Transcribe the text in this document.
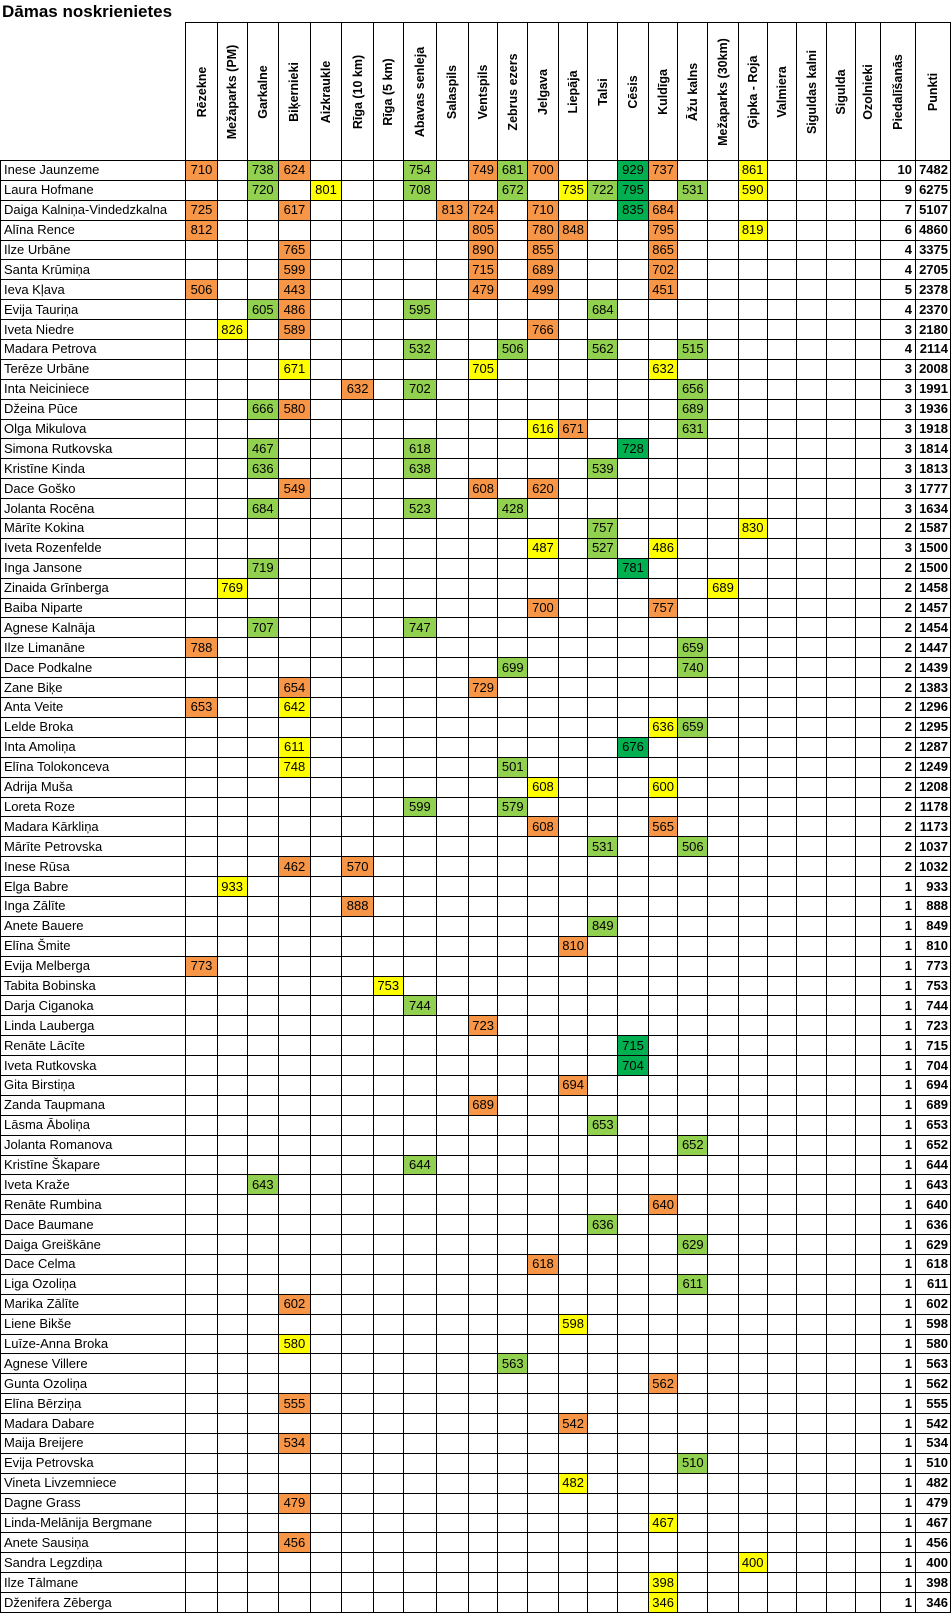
Dāmas noskrienietes

	Rēzekne	Mežaparks (PM)	Garkalne	Biķernieki	Aizkraukle	Rīga (10 km)	Rīga (5 km)	Abavas senleja	Salaspils	Ventspils	Zebrus ezers	Jelgava	Liepāja	Talsi	Cēsis	Kuldīga	Āžu kalns	Mežaparks (30km)	Ģipka - Roja	Valmiera	Siguldas kalni	Sigulda	Ozolnieki	Piedalīšanās	Punkti

Inese Jaunzeme	710		738	624				754		749	681	700			929	737			861					10	7482
Laura Hofmane			720		801			708			672		735	722	795		531		590					9	6275
Daiga Kalniņa-Vindedzkalna	725			617					813	724		710			835	684								7	5107
Alīna Rence	812									805		780	848			795			819					6	4860
Ilze Urbāne				765						890		855				865								4	3375
Santa Krūmiņa				599						715		689				702								4	2705
Ieva Kļava	506			443						479		499				451								5	2378
Evija Tauriņa			605	486				595						684										4	2370
Iveta Niedre		826		589								766												3	2180
Madara Petrova								532			506			562			515							4	2114
Terēze Urbāne				671						705						632								3	2008
Inta Neiciniece						632		702									656							3	1991
Džeina Pūce			666	580													689							3	1936
Olga Mikulova												616	671				631							3	1918
Simona Rutkovska			467					618							728									3	1814
Kristīne Kinda			636					638						539										3	1813
Dace Goško				549						608		620												3	1777
Jolanta Rocēna			684					523			428													3	1634
Mārīte Kokina														757					830					2	1587
Iveta Rozenfelde												487		527		486								3	1500
Inga Jansone			719												781									2	1500
Zinaida Grīnberga		769																689						2	1458
Baiba Niparte												700				757								2	1457
Agnese Kalnāja			707					747																2	1454
Ilze Limanāne	788																659							2	1447
Dace Podkalne											699						740							2	1439
Zane Biķe				654						729														2	1383
Anta Veite	653			642																				2	1296
Lelde Broka																636	659							2	1295
Inta Amoliņa				611											676									2	1287
Elīna Tolokonceva				748							501													2	1249
Adrija Muša												608				600								2	1208
Loreta Roze								599			579													2	1178
Madara Kārkliņa												608				565								2	1173
Mārīte Petrovska														531			506							2	1037
Inese Rūsa				462		570																		2	1032
Elga Babre		933																						1	933
Inga Zālīte						888																		1	888
Anete Bauere														849										1	849
Elīna Šmite													810											1	810
Evija Melberga	773																							1	773
Tabita Bobinska							753																	1	753
Darja Ciganoka								744																1	744
Linda Lauberga										723														1	723
Renāte Lācīte															715									1	715
Iveta Rutkovska															704									1	704
Gita Birstiņa													694											1	694
Zanda Taupmana										689														1	689
Lāsma Āboliņa														653										1	653
Jolanta Romanova																	652							1	652
Kristīne Škapare								644																1	644
Iveta Kraže			643																					1	643
Renāte Rumbina																640								1	640
Dace Baumane														636										1	636
Daiga Greiškāne																	629							1	629
Dace Celma												618												1	618
Liga Ozoliņa																	611							1	611
Marika Zālīte				602																				1	602
Liene Bikše													598											1	598
Luīze-Anna Broka				580																				1	580
Agnese Villere											563													1	563
Gunta Ozoliņa																562								1	562
Elīna Bērziņa				555																				1	555
Madara Dabare													542											1	542
Maija Breijere				534																				1	534
Evija Petrovska																	510							1	510
Vineta Livzemniece													482											1	482
Dagne Grass				479																				1	479
Linda-Melānija Bergmane																467								1	467
Anete Sausiņa				456																				1	456
Sandra Legzdiņa																			400					1	400
Ilze Tālmane																398								1	398
Dženifera Zēberga																346								1	346
